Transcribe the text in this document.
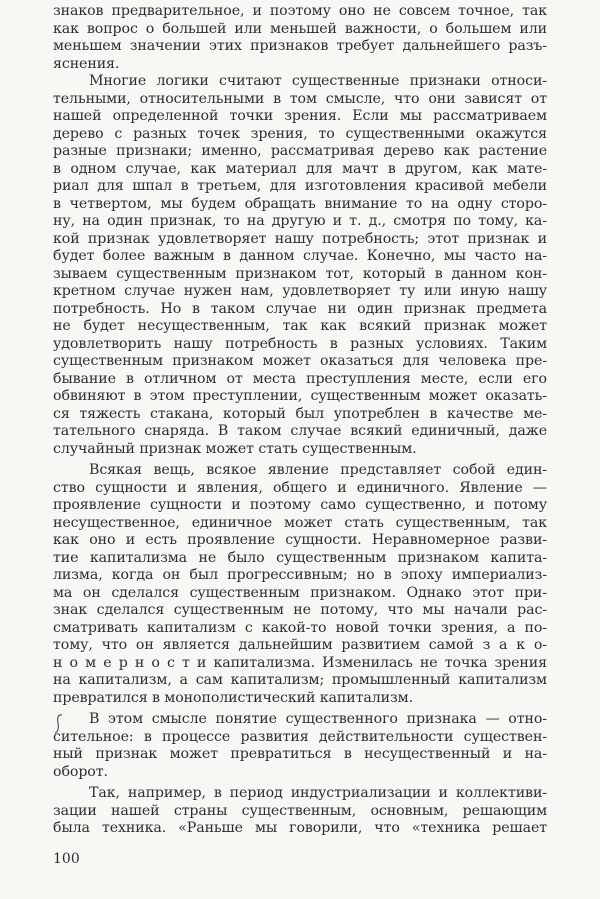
знаков предварительное, и поэтому оно не совсем точное, так
как вопрос о большей или меньшей важности, о большем или
меньшем значении этих признаков требует дальнейшего разъ-
яснения.
Многие логики считают существенные признаки относи-
тельными, относительными в том смысле, что они зависят от
нашей определенной точки зрения. Если мы рассматриваем
дерево с разных точек зрения, то существенными окажутся
разные признаки; именно, рассматривая дерево как растение
в одном случае, как материал для мачт в другом, как мате-
риал для шпал в третьем, для изготовления красивой мебели
в четвертом, мы будем обращать внимание то на одну сторо-
ну, на один признак, то на другую и т. д., смотря по тому, ка-
кой признак удовлетворяет нашу потребность; этот признак и
будет более важным в данном случае. Конечно, мы часто на-
зываем существенным признаком тот, который в данном кон-
кретном случае нужен нам, удовлетворяет ту или иную нашу
потребность. Но в таком случае ни один признак предмета
не будет несущественным, так как всякий признак может
удовлетворить нашу потребность в разных условиях. Таким
существенным признаком может оказаться для человека пре-
бывание в отличном от места преступления месте, если его
обвиняют в этом преступлении, существенным может оказать-
ся тяжесть стакана, который был употреблен в качестве ме-
тательного снаряда. В таком случае всякий единичный, даже
случайный признак может стать существенным.
Всякая вещь, всякое явление представляет собой един-
ство сущности и явления, общего и единичного. Явление —
проявление сущности и поэтому само существенно, и потому
несущественное, единичное может стать существенным, так
как оно и есть проявление сущности. Неравномерное разви-
тие капитализма не было существенным признаком капита-
лизма, когда он был прогрессивным; но в эпоху империализ-
ма он сделался существенным признаком. Однако этот при-
знак сделался существенным не потому, что мы начали рас-
сматривать капитализм с какой-то новой точки зрения, а по-
тому, что он является дальнейшим развитием самой з а к о-
н о м е р н о с т и капитализма. Изменилась не точка зрения
на капитализм, а сам капитализм; промышленный капитализм
превратился в монополистический капитализм.
В этом смысле понятие существенного признака — отно-
сительное: в процессе развития действительности существен-
ный признак может превратиться в несущественный и на-
оборот.
Так, например, в период индустриализации и коллективи-
зации нашей страны существенным, основным, решающим
была техника. «Раньше мы говорили, что «техника решает
100
